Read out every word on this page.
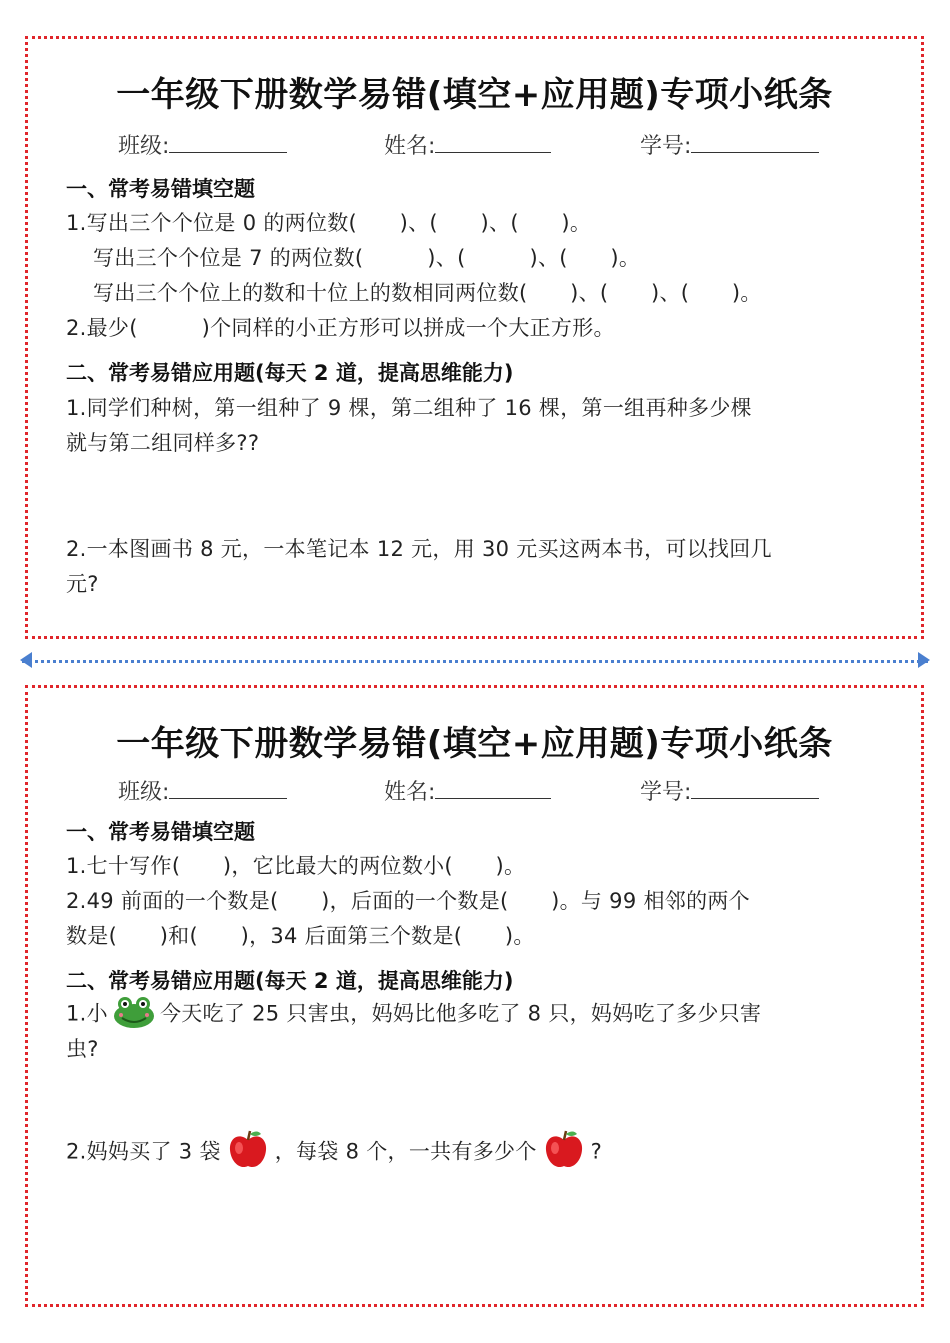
一年级下册数学易错(填空+应用题)专项小纸条
班级:	姓名:	学号:
一、常考易错填空题
1.写出三个个位是 0 的两位数(　　)、(　　)、(　　)。
写出三个个位是 7 的两位数(　　　)、(　　　)、(　　)。
写出三个个位上的数和十位上的数相同两位数(　　)、(　　)、(　　)。
2.最少(　　　)个同样的小正方形可以拼成一个大正方形。
二、常考易错应用题(每天 2 道，提高思维能力)
1.同学们种树，第一组种了 9 棵，第二组种了 16 棵，第一组再种多少棵
就与第二组同样多??
2.一本图画书 8 元，一本笔记本 12 元，用 30 元买这两本书，可以找回几
元?
一年级下册数学易错(填空+应用题)专项小纸条
班级:	姓名:	学号:
一、常考易错填空题
1.七十写作(　　)，它比最大的两位数小(　　)。
2.49 前面的一个数是(　　)，后面的一个数是(　　)。与 99 相邻的两个
数是(　　)和(　　)，34 后面第三个数是(　　)。
二、常考易错应用题(每天 2 道，提高思维能力)
1.小 今天吃了 25 只害虫，妈妈比他多吃了 8 只，妈妈吃了多少只害
虫?
2.妈妈买了 3 袋	，每袋 8 个，一共有多少个	?
